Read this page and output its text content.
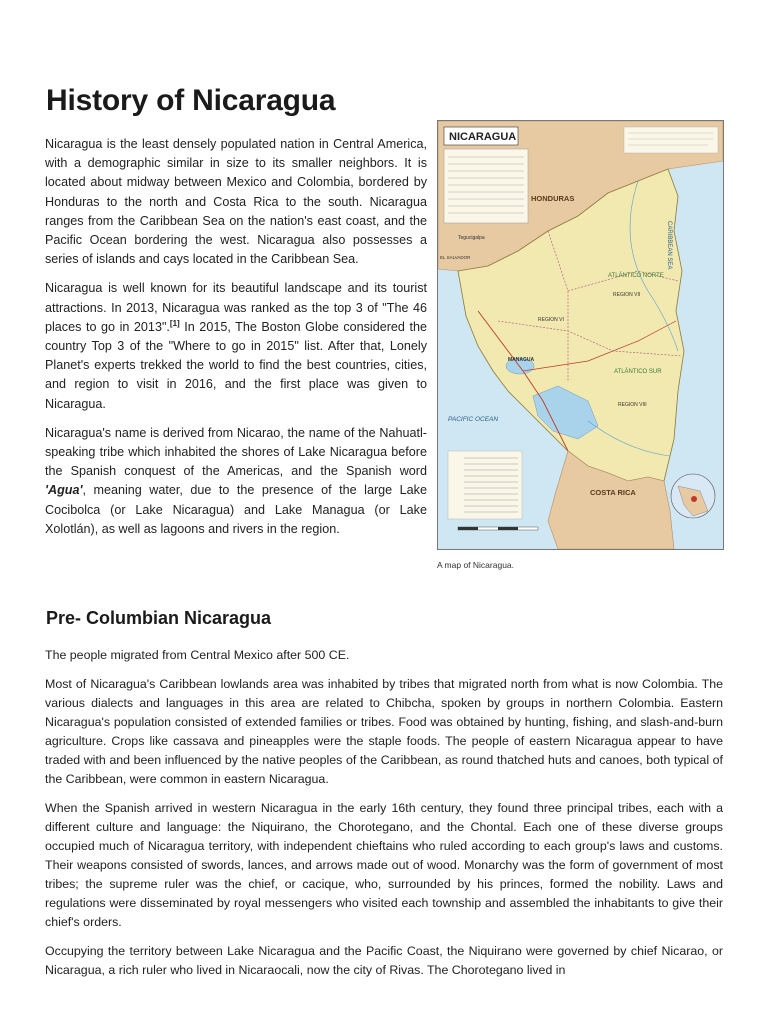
History of Nicaragua

Nicaragua is the least densely populated nation in Central America, with a demographic similar in size to its smaller neighbors. It is located about midway between Mexico and Colombia, bordered by Honduras to the north and Costa Rica to the south. Nicaragua ranges from the Caribbean Sea on the nation's east coast, and the Pacific Ocean bordering the west. Nicaragua also possesses a series of islands and cays located in the Caribbean Sea.

Nicaragua is well known for its beautiful landscape and its tourist attractions. In 2013, Nicaragua was ranked as the top 3 of "The 46 places to go in 2013".[1] In 2015, The Boston Globe considered the country Top 3 of the "Where to go in 2015" list. After that, Lonely Planet's experts trekked the world to find the best countries, cities, and region to visit in 2016, and the first place was given to Nicaragua.

Nicaragua's name is derived from Nicarao, the name of the Nahuatl-speaking tribe which inhabited the shores of Lake Nicaragua before the Spanish conquest of the Americas, and the Spanish word 'Agua', meaning water, due to the presence of the large Lake Cocibolca (or Lake Nicaragua) and Lake Managua (or Lake Xolotlán), as well as lagoons and rivers in the region.

NICARAGUA
HONDURAS
CARIBBEAN SEA
PACIFIC OCEAN
COSTA RICA
ATLÁNTICO NORTE
ATLÁNTICO SUR
MANAGUA
REGION VI
REGION VII
REGION VIII
EL SALVADOR
Tegucigalpa
A map of Nicaragua.
Pre- Columbian Nicaragua

The people migrated from Central Mexico after 500 CE.

Most of Nicaragua's Caribbean lowlands area was inhabited by tribes that migrated north from what is now Colombia. The various dialects and languages in this area are related to Chibcha, spoken by groups in northern Colombia. Eastern Nicaragua's population consisted of extended families or tribes. Food was obtained by hunting, fishing, and slash-and-burn agriculture. Crops like cassava and pineapples were the staple foods. The people of eastern Nicaragua appear to have traded with and been influenced by the native peoples of the Caribbean, as round thatched huts and canoes, both typical of the Caribbean, were common in eastern Nicaragua.

When the Spanish arrived in western Nicaragua in the early 16th century, they found three principal tribes, each with a different culture and language: the Niquirano, the Chorotegano, and the Chontal. Each one of these diverse groups occupied much of Nicaragua territory, with independent chieftains who ruled according to each group's laws and customs. Their weapons consisted of swords, lances, and arrows made out of wood. Monarchy was the form of government of most tribes; the supreme ruler was the chief, or cacique, who, surrounded by his princes, formed the nobility. Laws and regulations were disseminated by royal messengers who visited each township and assembled the inhabitants to give their chief's orders.

Occupying the territory between Lake Nicaragua and the Pacific Coast, the Niquirano were governed by chief Nicarao, or Nicaragua, a rich ruler who lived in Nicaraocali, now the city of Rivas. The Chorotegano lived in
